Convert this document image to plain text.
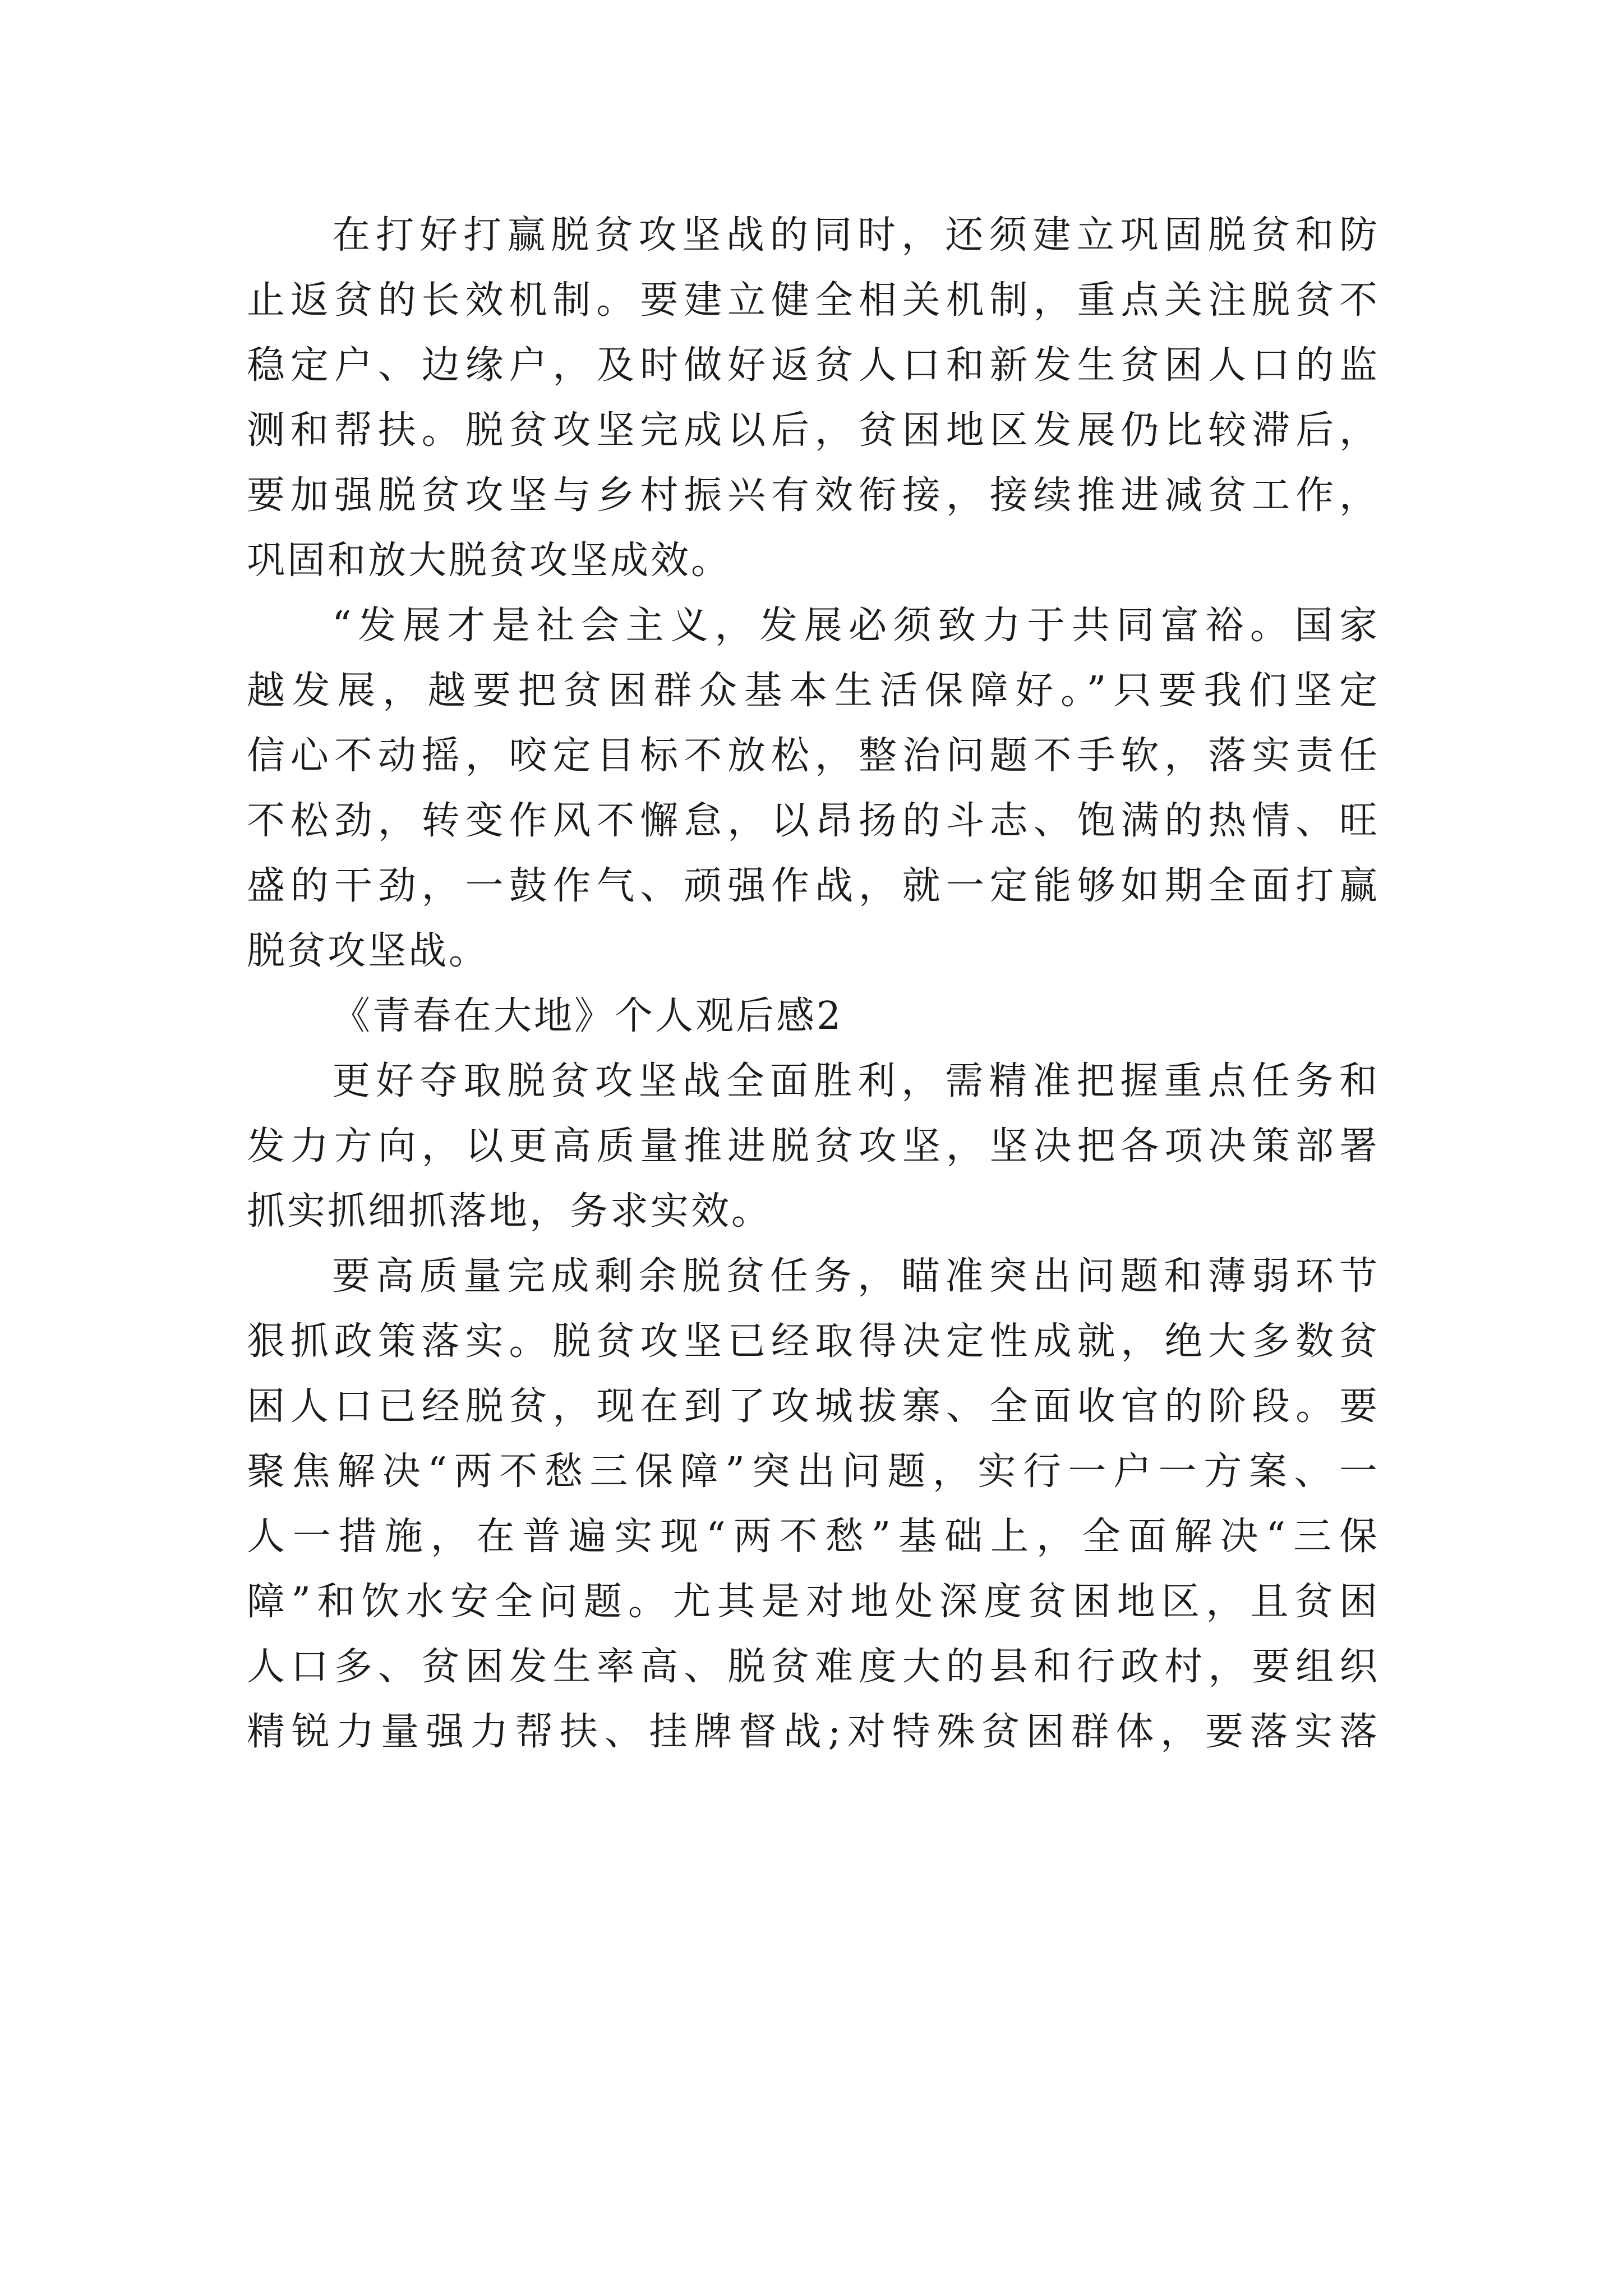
在打好打赢脱贫攻坚战的同时，还须建立巩固脱贫和防
止返贫的长效机制。要建立健全相关机制，重点关注脱贫不
稳定户、边缘户，及时做好返贫人口和新发生贫困人口的监
测和帮扶。脱贫攻坚完成以后，贫困地区发展仍比较滞后，
要加强脱贫攻坚与乡村振兴有效衔接，接续推进减贫工作，
巩固和放大脱贫攻坚成效。
“发展才是社会主义，发展必须致力于共同富裕。国家
越发展，越要把贫困群众基本生活保障好。”只要我们坚定
信心不动摇，咬定目标不放松，整治问题不手软，落实责任
不松劲，转变作风不懈怠，以昂扬的斗志、饱满的热情、旺
盛的干劲，一鼓作气、顽强作战，就一定能够如期全面打赢
脱贫攻坚战。
《青春在大地》个人观后感2
更好夺取脱贫攻坚战全面胜利，需精准把握重点任务和
发力方向，以更高质量推进脱贫攻坚，坚决把各项决策部署
抓实抓细抓落地，务求实效。
要高质量完成剩余脱贫任务，瞄准突出问题和薄弱环节
狠抓政策落实。脱贫攻坚已经取得决定性成就，绝大多数贫
困人口已经脱贫，现在到了攻城拔寨、全面收官的阶段。要
聚焦解决“两不愁三保障”突出问题，实行一户一方案、一
人一措施，在普遍实现“两不愁”基础上，全面解决“三保
障”和饮水安全问题。尤其是对地处深度贫困地区，且贫困
人口多、贫困发生率高、脱贫难度大的县和行政村，要组织
精锐力量强力帮扶、挂牌督战;对特殊贫困群体，要落实落
